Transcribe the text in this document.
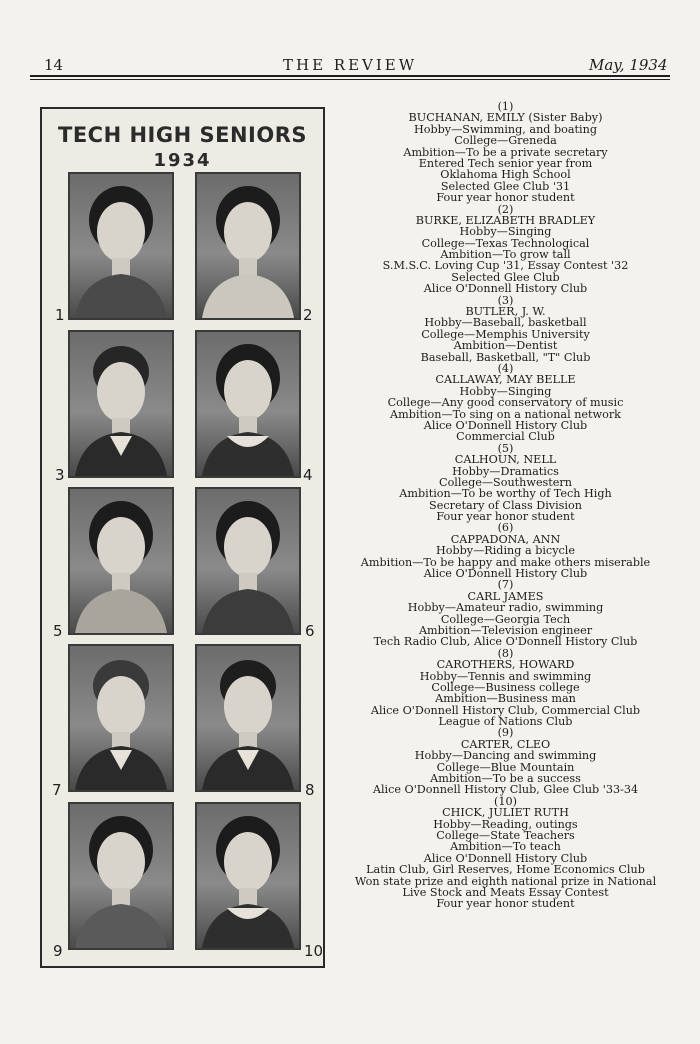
14	THE REVIEW	May, 1934
TECH HIGH SENIORS
1934
1	2
3	4
5	6
7	8
9	10
(1)
BUCHANAN, EMILY (Sister Baby)
Hobby—Swimming, and boating
College—Greneda
Ambition—To be a private secretary
Entered Tech senior year from
Oklahoma High School
Selected Glee Club '31
Four year honor student
(2)
BURKE, ELIZABETH BRADLEY
Hobby—Singing
College—Texas Technological
Ambition—To grow tall
S.M.S.C. Loving Cup '31, Essay Contest '32
Selected Glee Club
Alice O'Donnell History Club
(3)
BUTLER, J. W.
Hobby—Baseball, basketball
College—Memphis University
Ambition—Dentist
Baseball, Basketball, "T" Club
(4)
CALLAWAY, MAY BELLE
Hobby—Singing
College—Any good conservatory of music
Ambition—To sing on a national network
Alice O'Donnell History Club
Commercial Club
(5)
CALHOUN, NELL
Hobby—Dramatics
College—Southwestern
Ambition—To be worthy of Tech High
Secretary of Class Division
Four year honor student
(6)
CAPPADONA, ANN
Hobby—Riding a bicycle
Ambition—To be happy and make others miserable
Alice O'Donnell History Club
(7)
CARL JAMES
Hobby—Amateur radio, swimming
College—Georgia Tech
Ambition—Television engineer
Tech Radio Club, Alice O'Donnell History Club
(8)
CAROTHERS, HOWARD
Hobby—Tennis and swimming
College—Business college
Ambition—Business man
Alice O'Donnell History Club, Commercial Club
League of Nations Club
(9)
CARTER, CLEO
Hobby—Dancing and swimming
College—Blue Mountain
Ambition—To be a success
Alice O'Donnell History Club, Glee Club '33-34
(10)
CHICK, JULIET RUTH
Hobby—Reading, outings
College—State Teachers
Ambition—To teach
Alice O'Donnell History Club
Latin Club, Girl Reserves, Home Economics Club
Won state prize and eighth national prize in National
Live Stock and Meats Essay Contest
Four year honor student
